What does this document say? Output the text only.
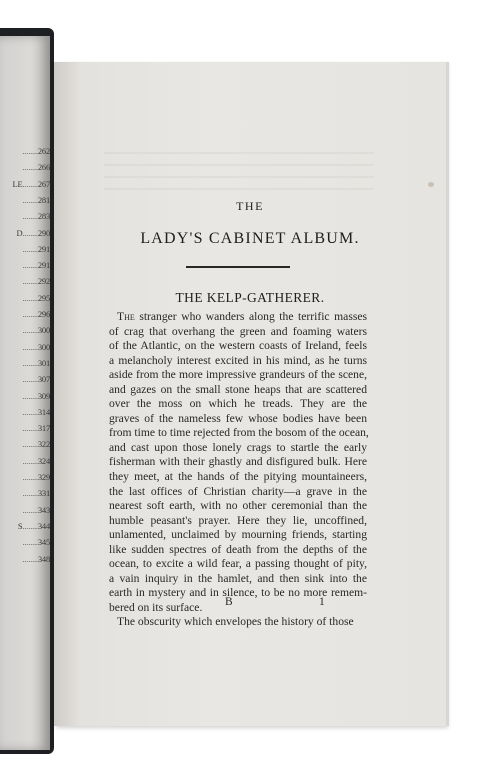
........262
........266
LE........267
........281
........283
D........290
........291
........291
........292
........295
........296
........300
........300
........301
........307
........309
........314
........317
........322
........324
........329
........331
........343
S........344
........345
........348
THE
LADY'S CABINET ALBUM.
THE KELP-GATHERER.
The stranger who wanders along the terrific masses
of crag that overhang the green and foaming waters
of the Atlantic, on the western coasts of Ireland, feels
a melancholy interest excited in his mind, as he turns
aside from the more impressive grandeurs of the scene,
and gazes on the small stone heaps that are scattered
over the moss on which he treads. They are the
graves of the nameless few whose bodies have been
from time to time rejected from the bosom of the ocean,
and cast upon those lonely crags to startle the early
fisherman with their ghastly and disfigured bulk. Here
they meet, at the hands of the pitying mountaineers,
the last offices of Christian charity—a grave in the
nearest soft earth, with no other ceremonial than the
humble peasant's prayer. Here they lie, uncoffined,
unlamented, unclaimed by mourning friends, starting
like sudden spectres of death from the depths of the
ocean, to excite a wild fear, a passing thought of pity,
a vain inquiry in the hamlet, and then sink into the
earth in mystery and in silence, to be no more remem-
bered on its surface.
The obscurity which envelopes the history of those
B	1
